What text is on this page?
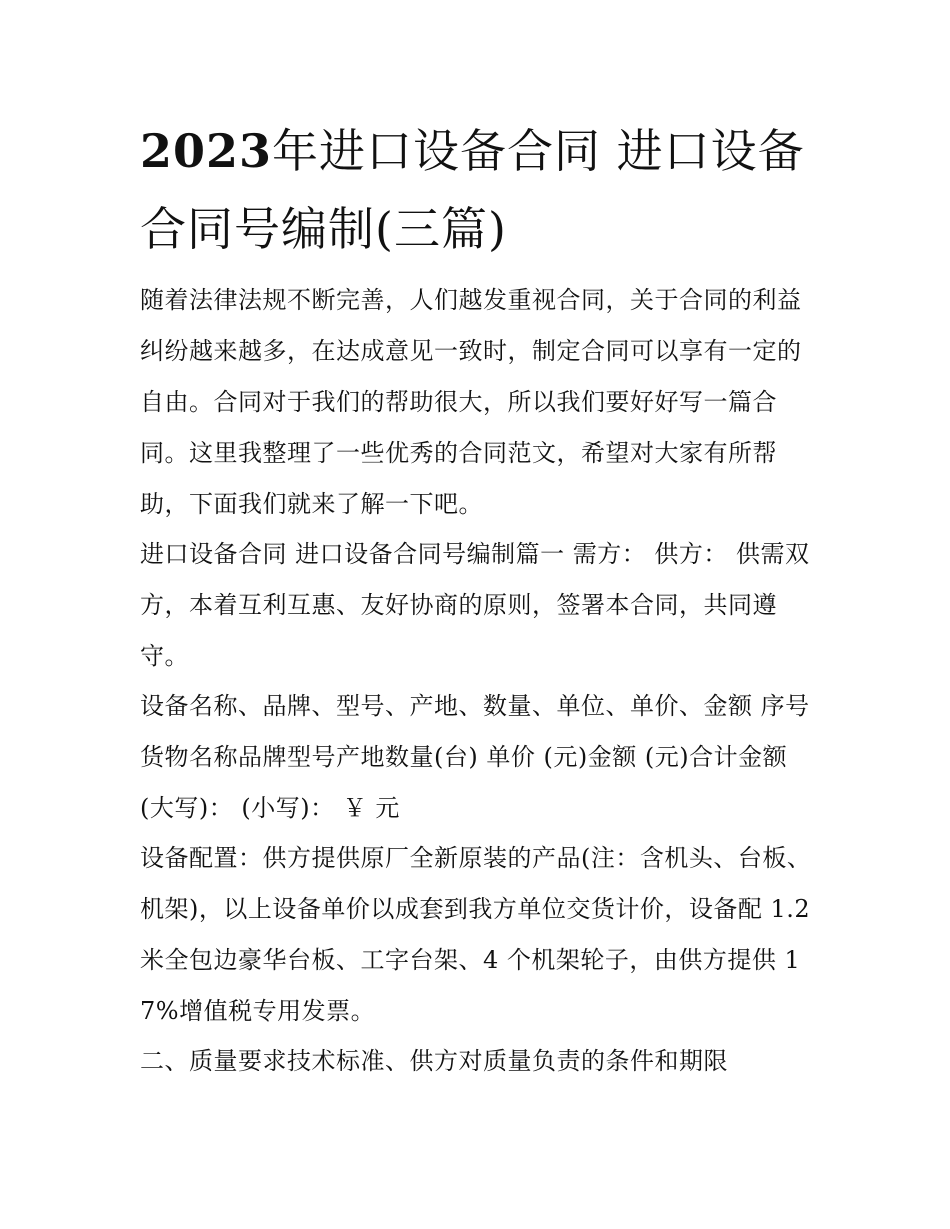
2023年进口设备合同 进口设备合同号编制(三篇)

随着法律法规不断完善，人们越发重视合同，关于合同的利益纠纷越来越多，在达成意见一致时，制定合同可以享有一定的自由。合同对于我们的帮助很大，所以我们要好好写一篇合同。这里我整理了一些优秀的合同范文，希望对大家有所帮助，下面我们就来了解一下吧。

进口设备合同 进口设备合同号编制篇一 需方： 供方： 供需双方，本着互利互惠、友好协商的原则，签署本合同，共同遵守。

设备名称、品牌、型号、产地、数量、单位、单价、金额 序号货物名称品牌型号产地数量(台) 单价 (元)金额 (元)合计金额(大写)： (小写)： ￥ 元

设备配置：供方提供原厂全新原装的产品(注：含机头、台板、机架)，以上设备单价以成套到我方单位交货计价，设备配 1.2 米全包边豪华台板、工字台架、4 个机架轮子，由供方提供 17%增值税专用发票。

二、质量要求技术标准、供方对质量负责的条件和期限
